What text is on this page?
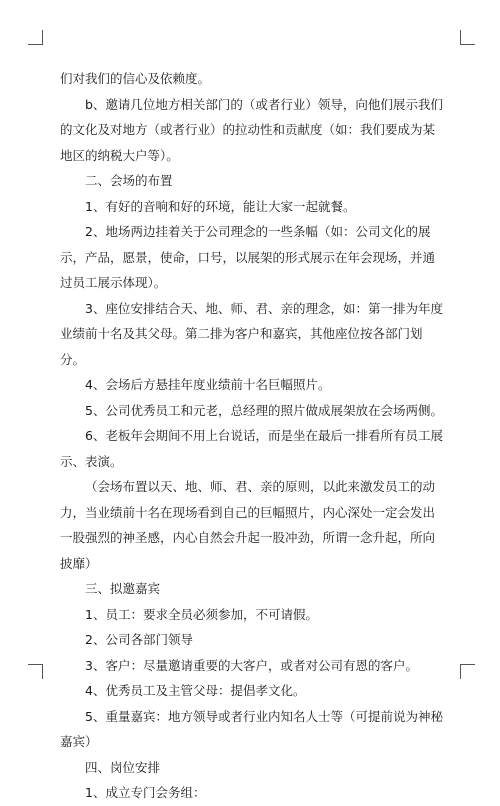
们对我们的信心及依赖度。

b、邀请几位地方相关部门的（或者行业）领导，向他们展示我们的文化及对地方（或者行业）的拉动性和贡献度（如：我们要成为某地区的纳税大户等）。

二、会场的布置

1、有好的音响和好的环境，能让大家一起就餐。

2、地场两边挂着关于公司理念的一些条幅（如：公司文化的展示，产品，愿景，使命，口号，以展架的形式展示在年会现场，并通过员工展示体现）。

3、座位安排结合天、地、师、君、亲的理念，如：第一排为年度业绩前十名及其父母。第二排为客户和嘉宾，其他座位按各部门划分。

4、会场后方悬挂年度业绩前十名巨幅照片。

5、公司优秀员工和元老，总经理的照片做成展架放在会场两侧。

6、老板年会期间不用上台说话，而是坐在最后一排看所有员工展示、表演。

（会场布置以天、地、师、君、亲的原则，以此来激发员工的动力，当业绩前十名在现场看到自己的巨幅照片，内心深处一定会发出一股强烈的神圣感，内心自然会升起一股冲劲，所谓一念升起，所向披靡）

三、拟邀嘉宾

1、员工：要求全员必须参加，不可请假。

2、公司各部门领导

3、客户：尽量邀请重要的大客户，或者对公司有恩的客户。

4、优秀员工及主管父母：提倡孝文化。

5、重量嘉宾：地方领导或者行业内知名人士等（可提前说为神秘嘉宾）

四、岗位安排

1、成立专门会务组：
